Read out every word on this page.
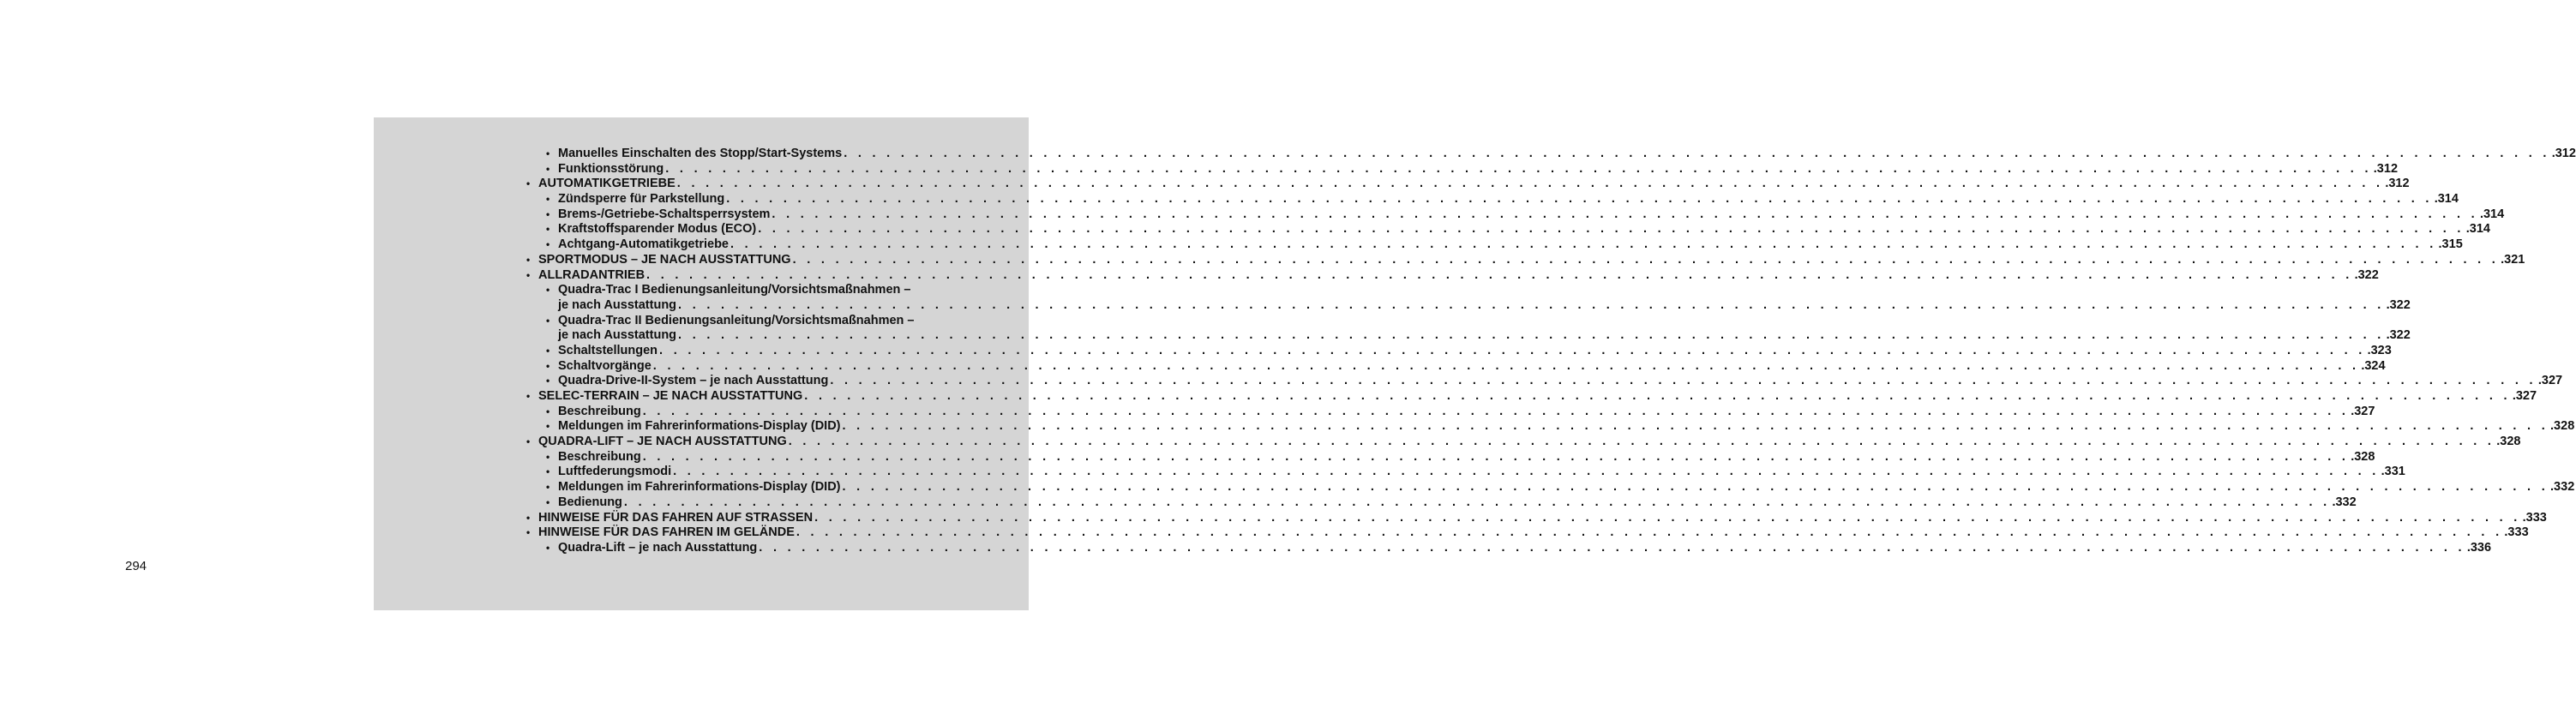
294
• Manuelles Einschalten des Stopp/Start-Systems . . . . . . . . . . . . . . . . . . . . . . . . . . . . . . . . . . . . . . . . . . . . . . . . . . . . . . . . . . . . . . . . . . . . . . . . . . . . . . . . . . . . . . . . . . . . . . . . . . . . . . . . . . . . . . . . . . . . . . . . .312
• Funktionsstörung . . . . . . . . . . . . . . . . . . . . . . . . . . . . . . . . . . . . . . . . . . . . . . . . . . . . . . . . . . . . . . . . . . . . . . . . . . . . . . . . . . . . . . . . . . . . . . . . . . . . . . . . . . . . . . . . . . . . . . . . .312
• AUTOMATIKGETRIEBE . . . . . . . . . . . . . . . . . . . . . . . . . . . . . . . . . . . . . . . . . . . . . . . . . . . . . . . . . . . . . . . . . . . . . . . . . . . . . . . . . . . . . . . . . . . . . . . . . . . . . . . . . . . . . . . . . . . . . . . . .312
• Zündsperre für Parkstellung . . . . . . . . . . . . . . . . . . . . . . . . . . . . . . . . . . . . . . . . . . . . . . . . . . . . . . . . . . . . . . . . . . . . . . . . . . . . . . . . . . . . . . . . . . . . . . . . . . . . . . . . . . . . . . . . . . . . . . . . .314
• Brems-/Getriebe-Schaltsperrsystem . . . . . . . . . . . . . . . . . . . . . . . . . . . . . . . . . . . . . . . . . . . . . . . . . . . . . . . . . . . . . . . . . . . . . . . . . . . . . . . . . . . . . . . . . . . . . . . . . . . . . . . . . . . . . . . . . . . . . . . . .314
• Kraftstoffsparender Modus (ECO) . . . . . . . . . . . . . . . . . . . . . . . . . . . . . . . . . . . . . . . . . . . . . . . . . . . . . . . . . . . . . . . . . . . . . . . . . . . . . . . . . . . . . . . . . . . . . . . . . . . . . . . . . . . . . . . . . . . . . . . . .314
• Achtgang-Automatikgetriebe . . . . . . . . . . . . . . . . . . . . . . . . . . . . . . . . . . . . . . . . . . . . . . . . . . . . . . . . . . . . . . . . . . . . . . . . . . . . . . . . . . . . . . . . . . . . . . . . . . . . . . . . . . . . . . . . . . . . . . . . .315
• SPORTMODUS – JE NACH AUSSTATTUNG . . . . . . . . . . . . . . . . . . . . . . . . . . . . . . . . . . . . . . . . . . . . . . . . . . . . . . . . . . . . . . . . . . . . . . . . . . . . . . . . . . . . . . . . . . . . . . . . . . . . . . . . . . . . . . . . . . . . . . . . .321
• ALLRADANTRIEB . . . . . . . . . . . . . . . . . . . . . . . . . . . . . . . . . . . . . . . . . . . . . . . . . . . . . . . . . . . . . . . . . . . . . . . . . . . . . . . . . . . . . . . . . . . . . . . . . . . . . . . . . . . . . . . . . . . . . . . . .322
• Quadra-Trac I Bedienungsanleitung/Vorsichtsmaßnahmen –
je nach Ausstattung . . . . . . . . . . . . . . . . . . . . . . . . . . . . . . . . . . . . . . . . . . . . . . . . . . . . . . . . . . . . . . . . . . . . . . . . . . . . . . . . . . . . . . . . . . . . . . . . . . . . . . . . . . . . . . . . . . . . . . . . .322
• Quadra-Trac II Bedienungsanleitung/Vorsichtsmaßnahmen –
je nach Ausstattung . . . . . . . . . . . . . . . . . . . . . . . . . . . . . . . . . . . . . . . . . . . . . . . . . . . . . . . . . . . . . . . . . . . . . . . . . . . . . . . . . . . . . . . . . . . . . . . . . . . . . . . . . . . . . . . . . . . . . . . . .322
• Schaltstellungen . . . . . . . . . . . . . . . . . . . . . . . . . . . . . . . . . . . . . . . . . . . . . . . . . . . . . . . . . . . . . . . . . . . . . . . . . . . . . . . . . . . . . . . . . . . . . . . . . . . . . . . . . . . . . . . . . . . . . . . . .323
• Schaltvorgänge . . . . . . . . . . . . . . . . . . . . . . . . . . . . . . . . . . . . . . . . . . . . . . . . . . . . . . . . . . . . . . . . . . . . . . . . . . . . . . . . . . . . . . . . . . . . . . . . . . . . . . . . . . . . . . . . . . . . . . . . .324
• Quadra-Drive-II-System – je nach Ausstattung . . . . . . . . . . . . . . . . . . . . . . . . . . . . . . . . . . . . . . . . . . . . . . . . . . . . . . . . . . . . . . . . . . . . . . . . . . . . . . . . . . . . . . . . . . . . . . . . . . . . . . . . . . . . . . . . . . . . . . . . .327
• SELEC-TERRAIN – JE NACH AUSSTATTUNG . . . . . . . . . . . . . . . . . . . . . . . . . . . . . . . . . . . . . . . . . . . . . . . . . . . . . . . . . . . . . . . . . . . . . . . . . . . . . . . . . . . . . . . . . . . . . . . . . . . . . . . . . . . . . . . . . . . . . . . . .327
• Beschreibung . . . . . . . . . . . . . . . . . . . . . . . . . . . . . . . . . . . . . . . . . . . . . . . . . . . . . . . . . . . . . . . . . . . . . . . . . . . . . . . . . . . . . . . . . . . . . . . . . . . . . . . . . . . . . . . . . . . . . . . . .327
• Meldungen im Fahrerinformations-Display (DID) . . . . . . . . . . . . . . . . . . . . . . . . . . . . . . . . . . . . . . . . . . . . . . . . . . . . . . . . . . . . . . . . . . . . . . . . . . . . . . . . . . . . . . . . . . . . . . . . . . . . . . . . . . . . . . . . . . . . . . . . .328
• QUADRA-LIFT – JE NACH AUSSTATTUNG . . . . . . . . . . . . . . . . . . . . . . . . . . . . . . . . . . . . . . . . . . . . . . . . . . . . . . . . . . . . . . . . . . . . . . . . . . . . . . . . . . . . . . . . . . . . . . . . . . . . . . . . . . . . . . . . . . . . . . . . .328
• Beschreibung . . . . . . . . . . . . . . . . . . . . . . . . . . . . . . . . . . . . . . . . . . . . . . . . . . . . . . . . . . . . . . . . . . . . . . . . . . . . . . . . . . . . . . . . . . . . . . . . . . . . . . . . . . . . . . . . . . . . . . . . .328
• Luftfederungsmodi . . . . . . . . . . . . . . . . . . . . . . . . . . . . . . . . . . . . . . . . . . . . . . . . . . . . . . . . . . . . . . . . . . . . . . . . . . . . . . . . . . . . . . . . . . . . . . . . . . . . . . . . . . . . . . . . . . . . . . . . .331
• Meldungen im Fahrerinformations-Display (DID) . . . . . . . . . . . . . . . . . . . . . . . . . . . . . . . . . . . . . . . . . . . . . . . . . . . . . . . . . . . . . . . . . . . . . . . . . . . . . . . . . . . . . . . . . . . . . . . . . . . . . . . . . . . . . . . . . . . . . . . . .332
• Bedienung . . . . . . . . . . . . . . . . . . . . . . . . . . . . . . . . . . . . . . . . . . . . . . . . . . . . . . . . . . . . . . . . . . . . . . . . . . . . . . . . . . . . . . . . . . . . . . . . . . . . . . . . . . . . . . . . . . . . . . . . .332
• HINWEISE FÜR DAS FAHREN AUF STRASSEN . . . . . . . . . . . . . . . . . . . . . . . . . . . . . . . . . . . . . . . . . . . . . . . . . . . . . . . . . . . . . . . . . . . . . . . . . . . . . . . . . . . . . . . . . . . . . . . . . . . . . . . . . . . . . . . . . . . . . . . . .333
• HINWEISE FÜR DAS FAHREN IM GELÄNDE . . . . . . . . . . . . . . . . . . . . . . . . . . . . . . . . . . . . . . . . . . . . . . . . . . . . . . . . . . . . . . . . . . . . . . . . . . . . . . . . . . . . . . . . . . . . . . . . . . . . . . . . . . . . . . . . . . . . . . . . .333
• Quadra-Lift – je nach Ausstattung . . . . . . . . . . . . . . . . . . . . . . . . . . . . . . . . . . . . . . . . . . . . . . . . . . . . . . . . . . . . . . . . . . . . . . . . . . . . . . . . . . . . . . . . . . . . . . . . . . . . . . . . . . . . . . . . . . . . . . . . .336
